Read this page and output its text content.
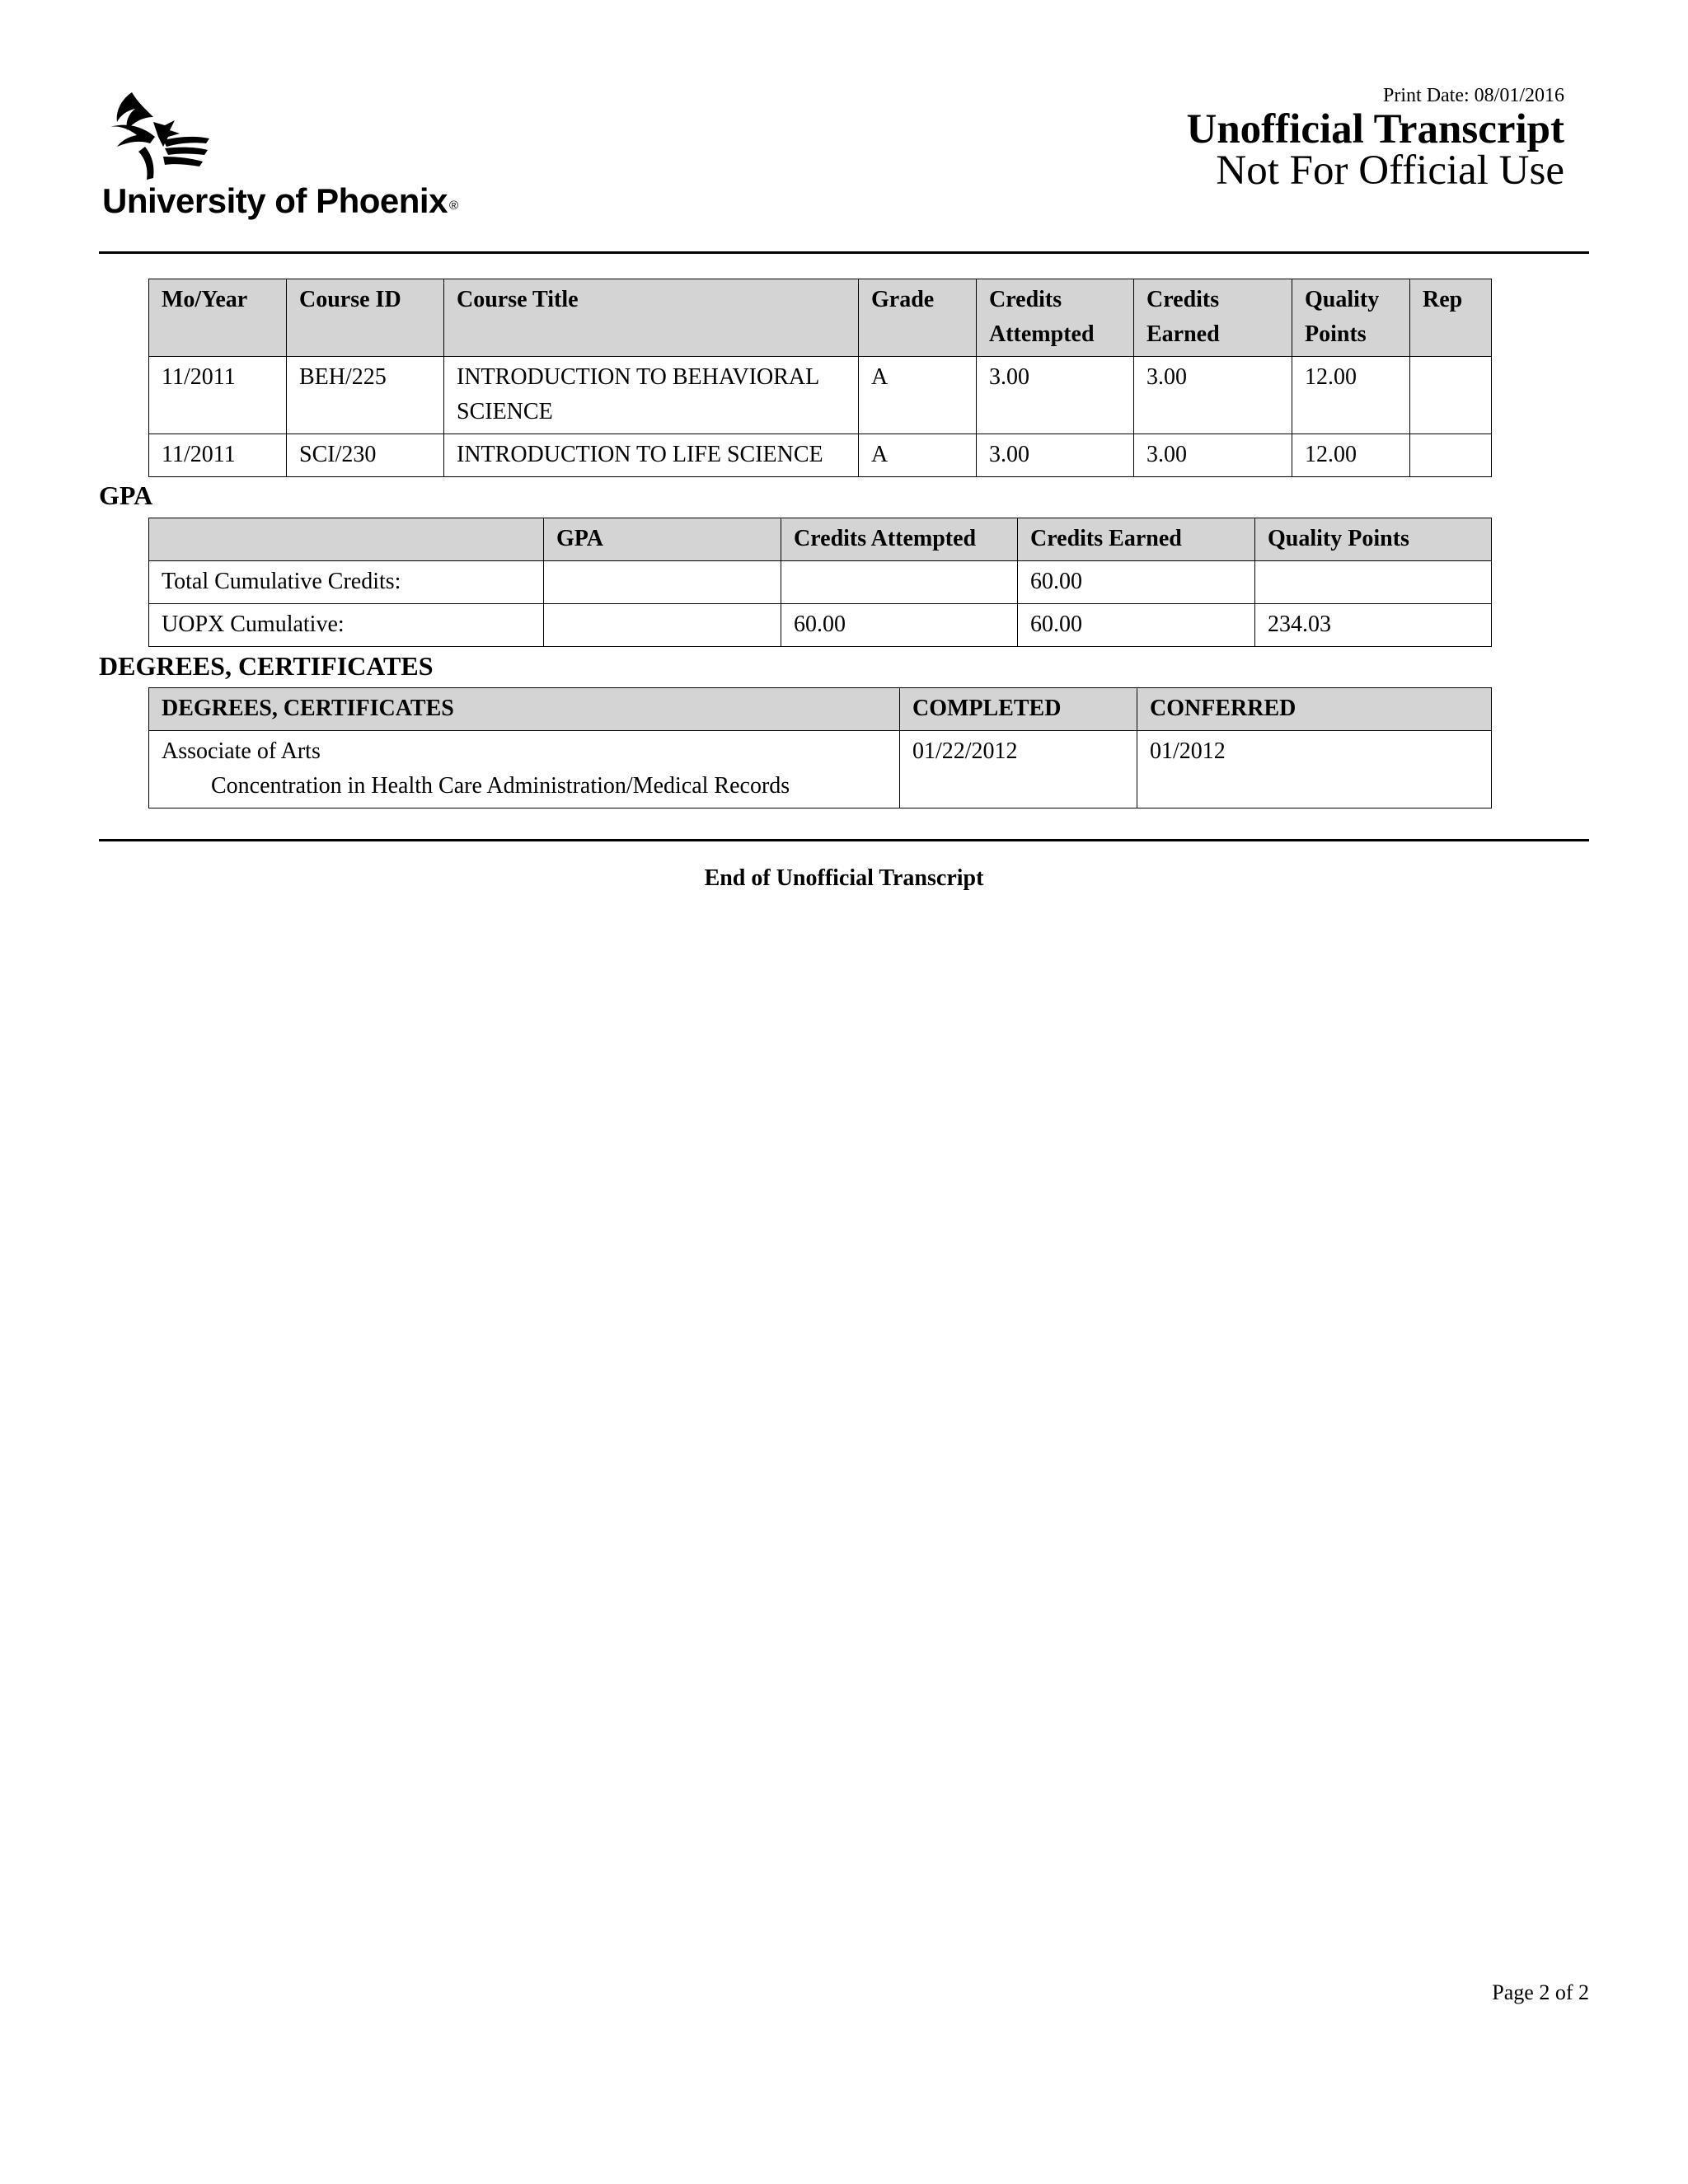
University of Phoenix ®
Print Date: 08/01/2016
Unofficial Transcript
Not For Official Use
Mo/Year	Course ID	Course Title	Grade	Credits Attempted	Credits Earned	Quality Points	Rep
11/2011	BEH/225	INTRODUCTION TO BEHAVIORAL SCIENCE	A	3.00	3.00	12.00	
11/2011	SCI/230	INTRODUCTION TO LIFE SCIENCE	A	3.00	3.00	12.00	
GPA
	GPA	Credits Attempted	Credits Earned	Quality Points
Total Cumulative Credits:			60.00	
UOPX Cumulative:		60.00	60.00	234.03
DEGREES, CERTIFICATES
DEGREES, CERTIFICATES	COMPLETED	CONFERRED

Associate of Arts
Concentration in Health Care Administration/Medical Records	01/22/2012	01/2012
End of Unofficial Transcript
Page 2 of 2
